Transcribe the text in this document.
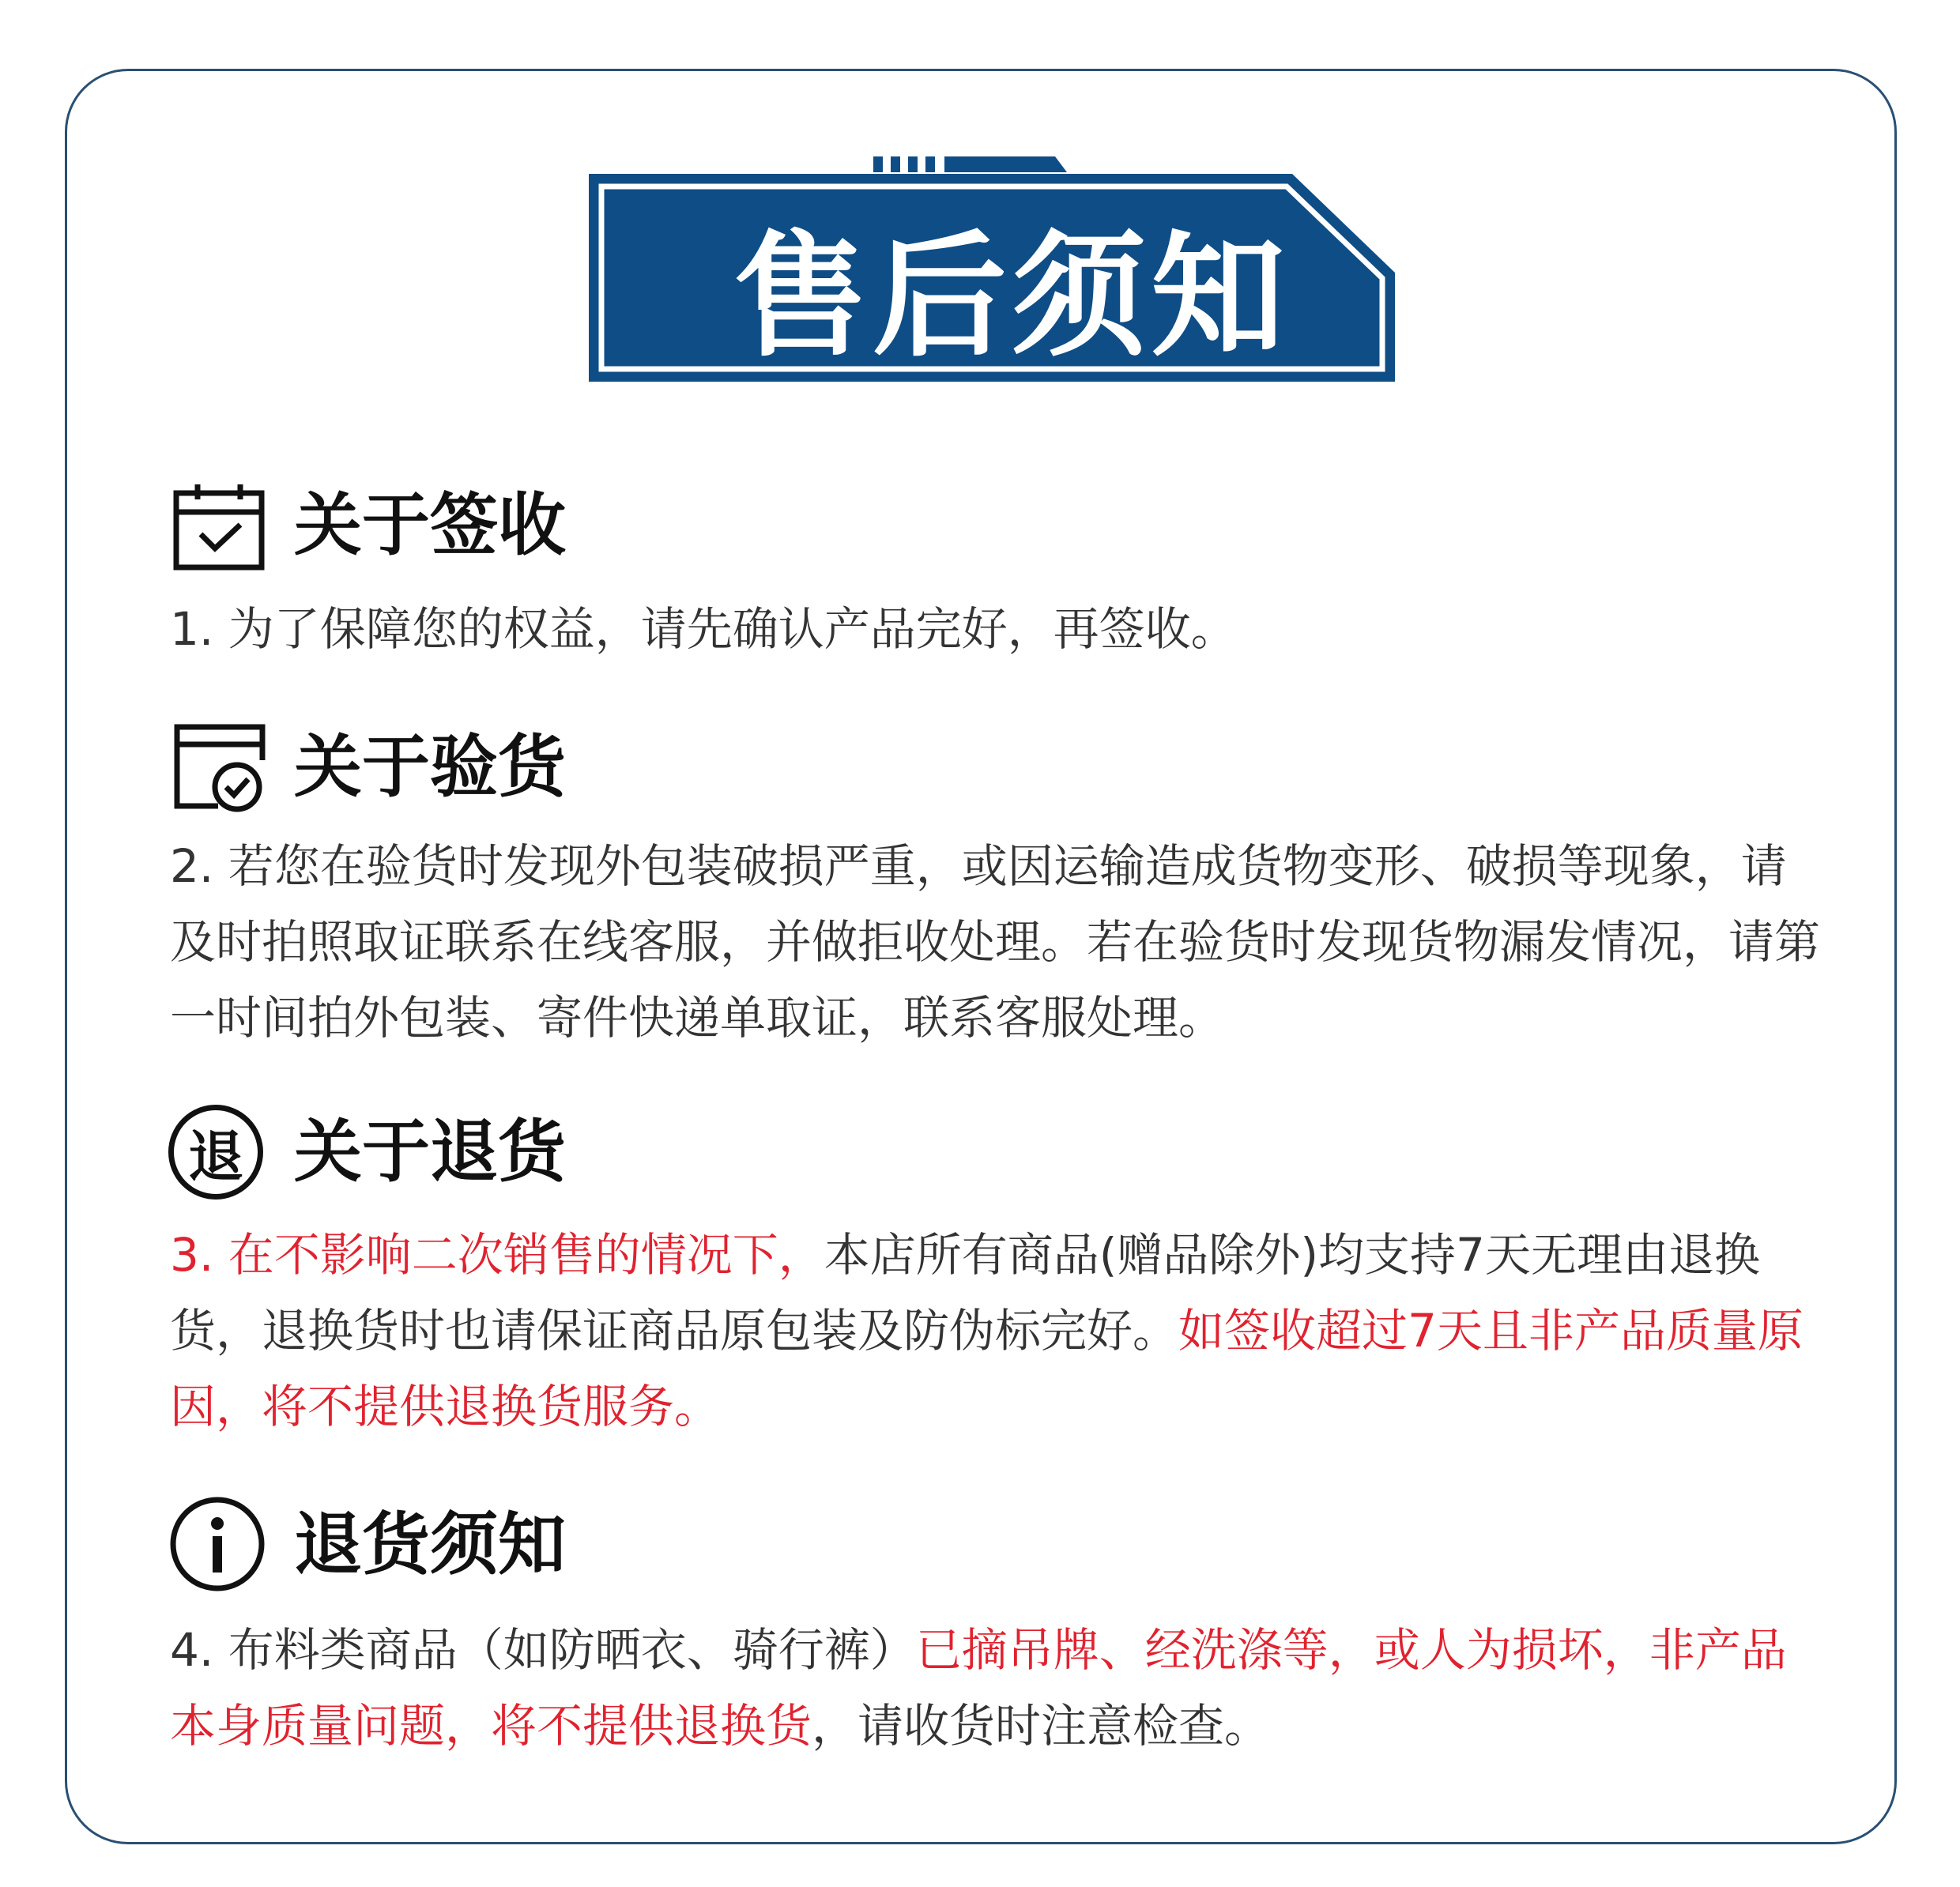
售后须知
关于签收
1. 为了保障您的权益，请先确认产品完好，再签收。
关于验货
2. 若您在验货时发现外包装破损严重，或因运输造成货物变形、破损等现象，请及时拍照取证联系在线客服，并做拒收处理。若在验货时发现货物漏发情况，请第一时间拍外包装、寄件快递单取证，联系客服处理。
退 关于退货
3. 在不影响二次销售的情况下，本店所有商品(赠品除外)均支持7天无理由退换货，退换货时也请保证商品原包装及防伪标完好。如签收超过7天且非产品质量原因，将不提供退换货服务。
退货须知
4. 布料类商品（如防晒衣、骑行裤）已摘吊牌、经洗涤等，或人为损坏，非产品本身质量问题，将不提供退换货，请收货时注意检查。
